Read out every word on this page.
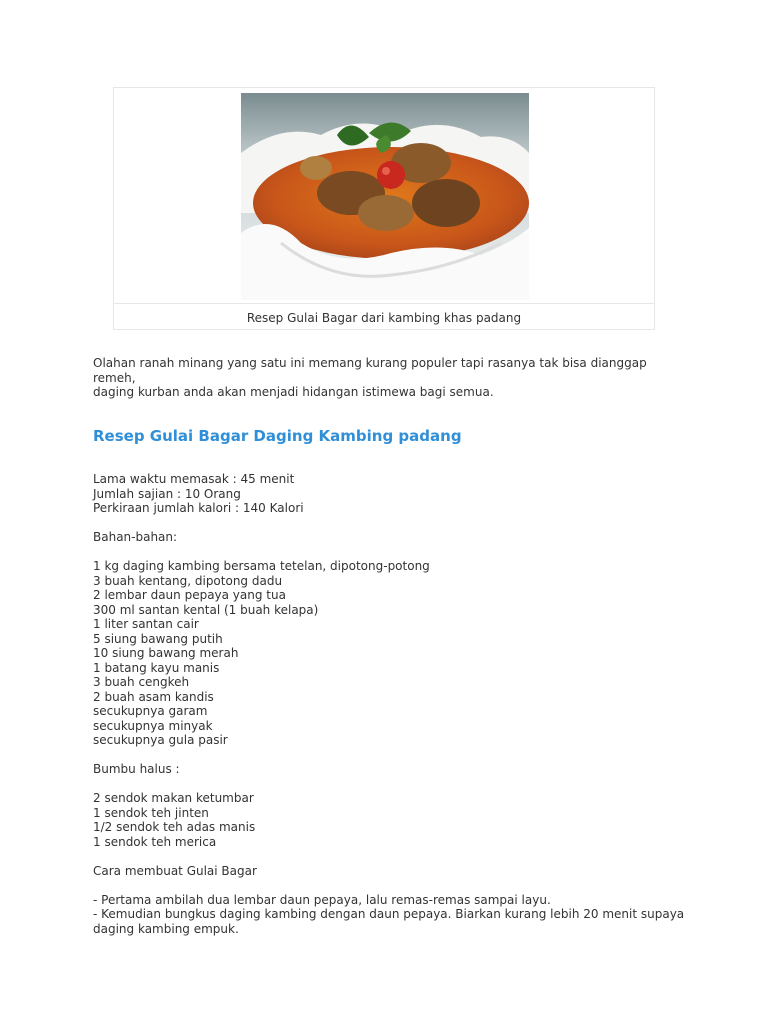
Resep Gulai Bagar dari kambing khas padang

Olahan ranah minang yang satu ini memang kurang populer tapi rasanya tak bisa dianggap remeh,
daging kurban anda akan menjadi hidangan istimewa bagi semua.

Resep Gulai Bagar Daging Kambing padang

Lama waktu memasak : 45 menit
Jumlah sajian : 10 Orang
Perkiraan jumlah kalori : 140 Kalori

Bahan-bahan:

1 kg daging kambing bersama tetelan, dipotong-potong
3 buah kentang, dipotong dadu
2 lembar daun pepaya yang tua
300 ml santan kental (1 buah kelapa)
1 liter santan cair
5 siung bawang putih
10 siung bawang merah
1 batang kayu manis
3 buah cengkeh
2 buah asam kandis
secukupnya garam
secukupnya minyak
secukupnya gula pasir

Bumbu halus :

2 sendok makan ketumbar
1 sendok teh jinten
1/2 sendok teh adas manis
1 sendok teh merica

Cara membuat Gulai Bagar

- Pertama ambilah dua lembar daun pepaya, lalu remas-remas sampai layu.
- Kemudian bungkus daging kambing dengan daun pepaya. Biarkan kurang lebih 20 menit supaya
daging kambing empuk.
